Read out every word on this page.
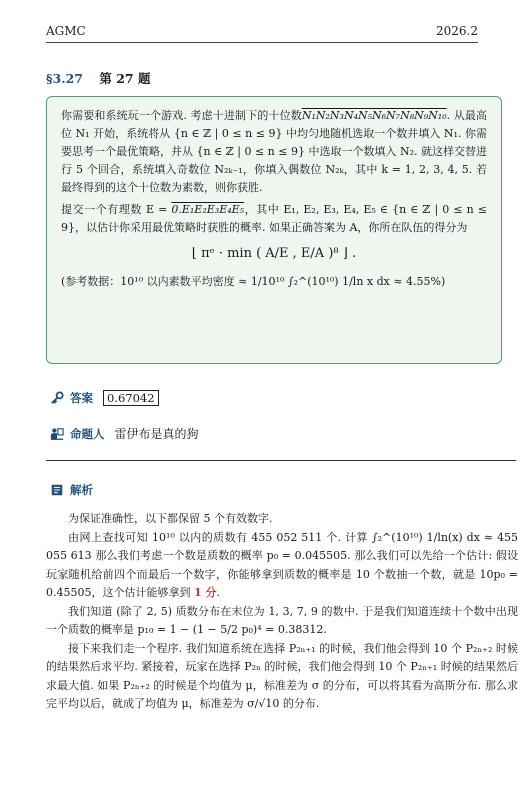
AGMC	2026.2
§3.27 第 27 题

你需要和系统玩一个游戏. 考虑十进制下的十位数N₁N₂N₃N₄N₅N₆N₇N₈N₉N₁₀. 从最高位 N₁ 开始，系统将从 {n ∈ ℤ | 0 ≤ n ≤ 9} 中均匀地随机选取一个数并填入 N₁. 你需要思考一个最优策略，并从 {n ∈ ℤ | 0 ≤ n ≤ 9} 中选取一个数填入 N₂. 就这样交替进行 5 个回合，系统填入奇数位 N₂ₖ₋₁，你填入偶数位 N₂ₖ，其中 k = 1, 2, 3, 4, 5. 若最终得到的这个十位数为素数，则你获胜.

提交一个有理数 E = 0.E₁E₂E₃E₄E₅，其中 E₁, E₂, E₃, E₄, E₅ ∈ {n ∈ ℤ | 0 ≤ n ≤ 9}，以估计你采用最优策略时获胜的概率. 如果正确答案为 A，你所在队伍的得分为

⌊ πᵉ · min ( A/E , E/A )⁸ ⌋ .

(参考数据：10¹⁰ 以内素数平均密度 ≈ 1/10¹⁰ ∫₂^(10¹⁰) 1/ln x dx ≈ 4.55%)

答案	0.67042
命题人 雷伊布是真的狗
解析

为保证准确性，以下都保留 5 个有效数字.

由网上查找可知 10¹⁰ 以内的质数有 455 052 511 个. 计算 ∫₂^(10¹⁰) 1/ln(x) dx ≈ 455 055 613 那么我们考虑一个数是质数的概率 p₀ = 0.045505. 那么我们可以先给一个估计: 假设玩家随机给前四个而最后一个数字，你能够拿到质数的概率是 10 个数抽一个数，就是 10p₀ = 0.45505，这个估计能够拿到 1 分.

我们知道 (除了 2, 5) 质数分布在末位为 1, 3, 7, 9 的数中. 于是我们知道连续十个数中出现一个质数的概率是 p₁₀ = 1 − (1 − 5/2 p₀)⁴ = 0.38312.

接下来我们走一个程序. 我们知道系统在选择 P₂ₙ₊₁ 的时候，我们他会得到 10 个 P₂ₙ₊₂ 时候的结果然后求平均. 紧接着，玩家在选择 P₂ₙ 的时候，我们他会得到 10 个 P₂ₙ₊₁ 时候的结果然后求最大值. 如果 P₂ₙ₊₂ 的时候是个均值为 μ，标准差为 σ 的分布，可以将其看为高斯分布. 那么求完平均以后，就成了均值为 μ，标准差为 σ/√10 的分布.
